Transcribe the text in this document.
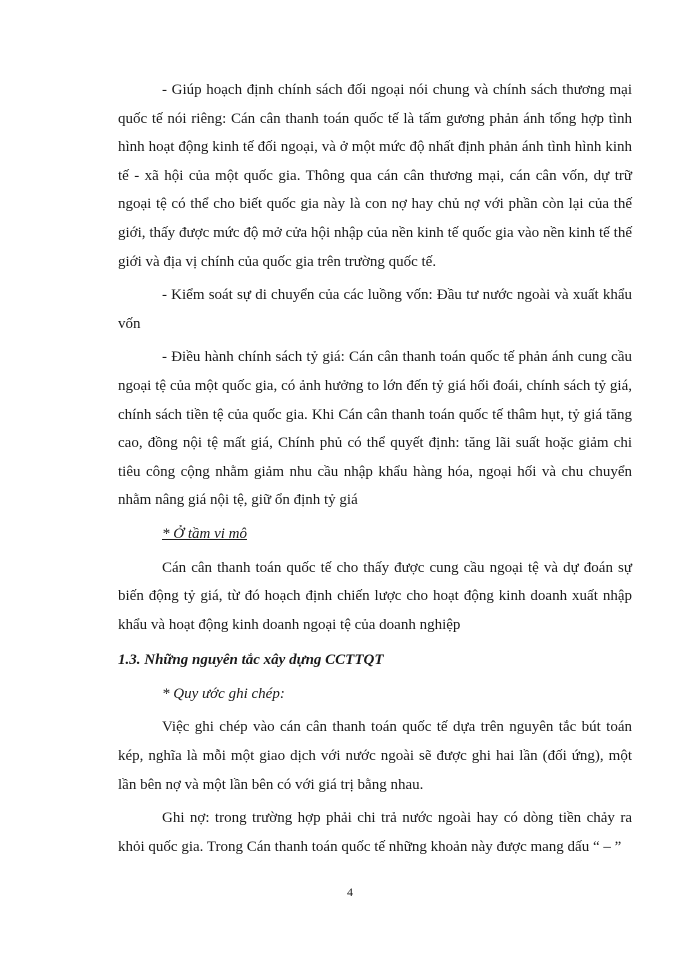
- Giúp hoạch định chính sách đối ngoại nói chung và chính sách thương mại quốc tế nói riêng: Cán cân thanh toán quốc tế là tấm gương phản ánh tổng hợp tình hình hoạt động kinh tế đối ngoại, và ở một mức độ nhất định phản ánh tình hình kinh tế - xã hội của một quốc gia. Thông qua cán cân thương mại, cán cân vốn, dự trữ ngoại tệ có thể cho biết quốc gia này là con nợ hay chủ nợ với phần còn lại của thế giới, thấy được mức độ mở cửa hội nhập của nền kinh tế quốc gia vào nền kinh tế thế giới và địa vị chính của quốc gia trên trường quốc tế.

- Kiểm soát sự di chuyển của các luồng vốn: Đầu tư nước ngoài và xuất khẩu vốn

- Điều hành chính sách tỷ giá: Cán cân thanh toán quốc tế phản ánh cung cầu ngoại tệ của một quốc gia, có ảnh hưởng to lớn đến tỷ giá hối đoái, chính sách tỷ giá, chính sách tiền tệ của quốc gia. Khi Cán cân thanh toán quốc tế thâm hụt, tỷ giá tăng cao, đồng nội tệ mất giá, Chính phủ có thể quyết định: tăng lãi suất hoặc giảm chi tiêu công cộng nhằm giảm nhu cầu nhập khẩu hàng hóa, ngoại hối và chu chuyển nhằm nâng giá nội tệ, giữ ổn định tỷ giá

* Ở tầm vi mô

Cán cân thanh toán quốc tế cho thấy được cung cầu ngoại tệ và dự đoán sự biến động tỷ giá, từ đó hoạch định chiến lược cho hoạt động kinh doanh xuất nhập khẩu và hoạt động kinh doanh ngoại tệ của doanh nghiệp

1.3. Những nguyên tắc xây dựng CCTTQT

* Quy ước ghi chép:

Việc ghi chép vào cán cân thanh toán quốc tế dựa trên nguyên tắc bút toán kép, nghĩa là mỗi một giao dịch với nước ngoài sẽ được ghi hai lần (đối ứng), một lần bên nợ và một lần bên có với giá trị bằng nhau.

Ghi nợ: trong trường hợp phải chi trả nước ngoài hay có dòng tiền chảy ra khỏi quốc gia. Trong Cán thanh toán quốc tế những khoản này được mang dấu “ – ”

4
